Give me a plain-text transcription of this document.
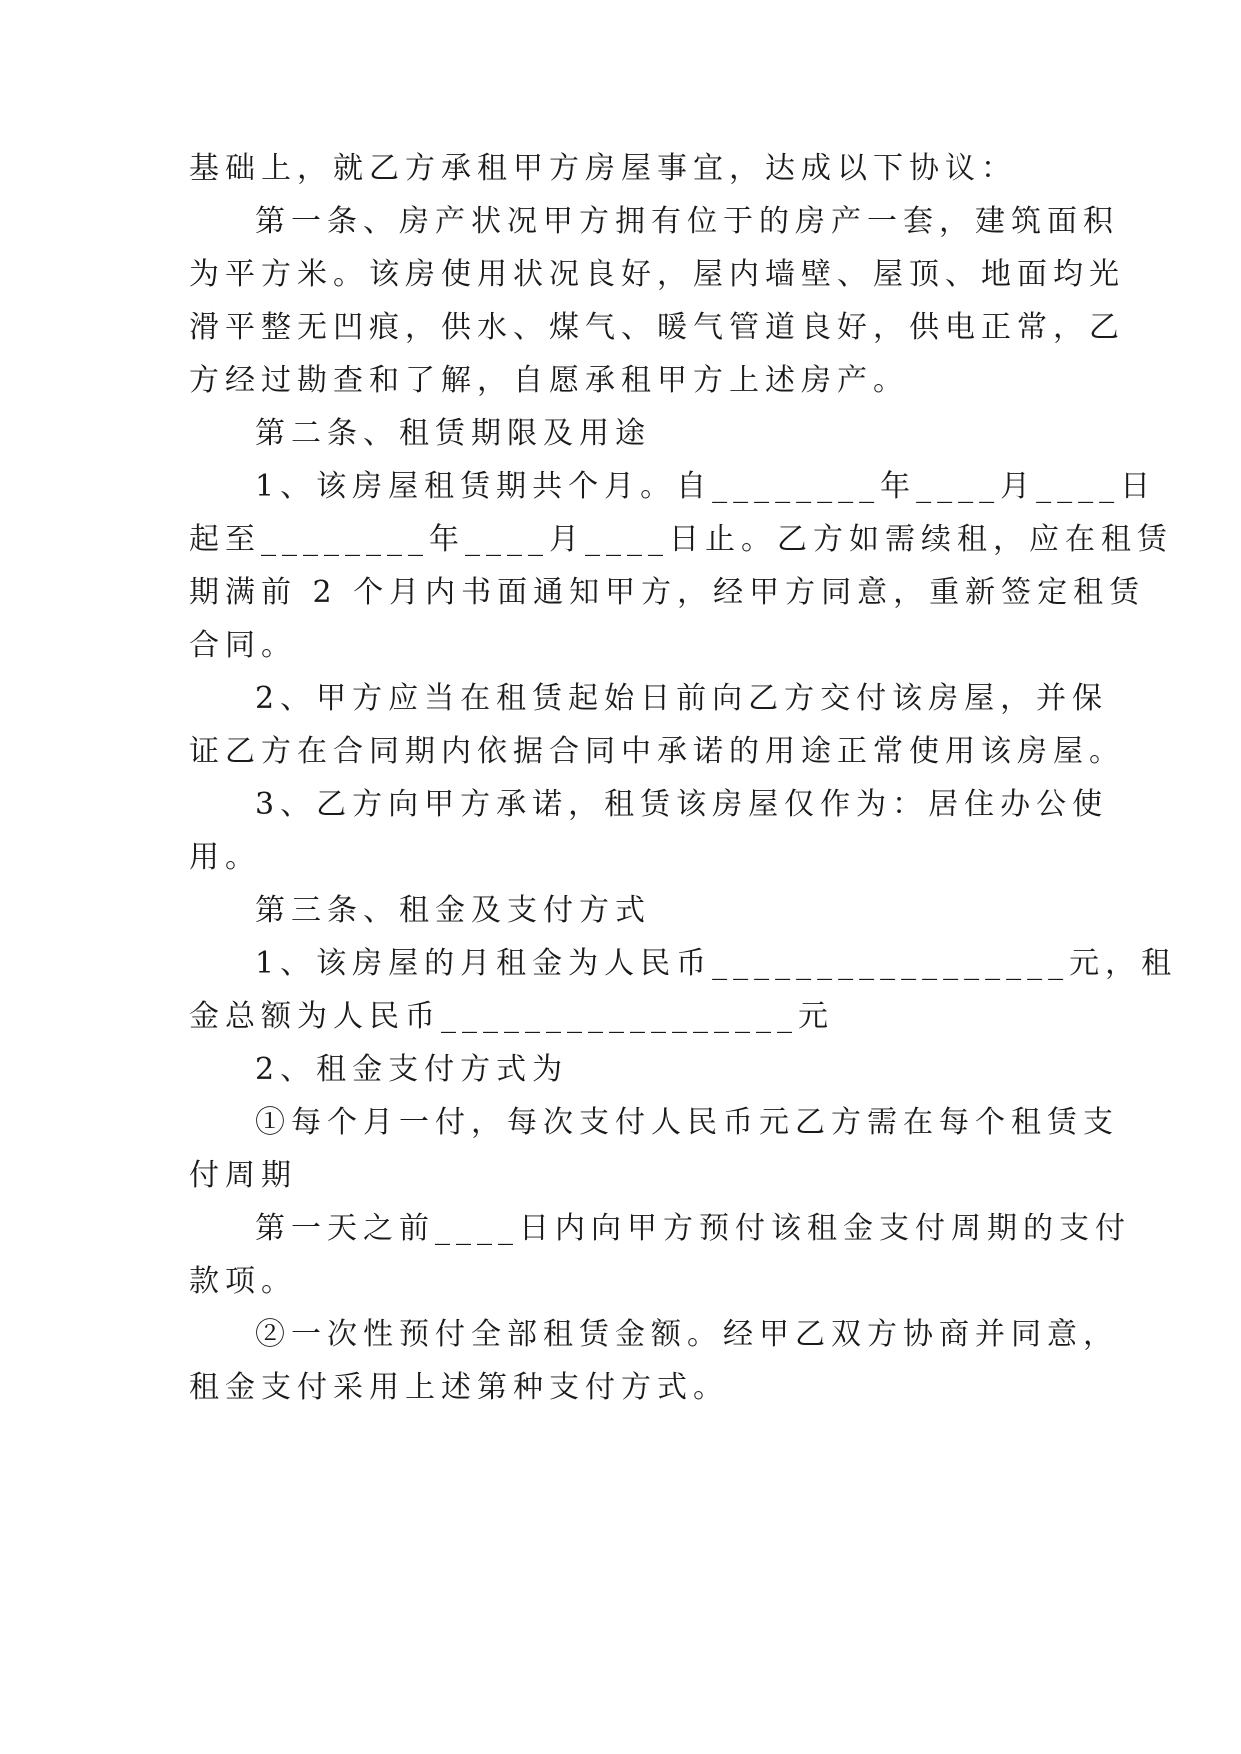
基础上，就乙方承租甲方房屋事宜，达成以下协议：

第一条、房产状况甲方拥有位于的房产一套，建筑面积

为平方米。该房使用状况良好，屋内墙壁、屋顶、地面均光

滑平整无凹痕，供水、煤气、暖气管道良好，供电正常，乙

方经过勘查和了解，自愿承租甲方上述房产。

第二条、租赁期限及用途

1、该房屋租赁期共个月。自________年____月____日

起至________年____月____日止。乙方如需续租，应在租赁

期满前 2 个月内书面通知甲方，经甲方同意，重新签定租赁

合同。

2、甲方应当在租赁起始日前向乙方交付该房屋，并保

证乙方在合同期内依据合同中承诺的用途正常使用该房屋。

3、乙方向甲方承诺，租赁该房屋仅作为：居住办公使

用。

第三条、租金及支付方式

1、该房屋的月租金为人民币_________________元，租

金总额为人民币_________________元

2、租金支付方式为

①每个月一付，每次支付人民币元乙方需在每个租赁支

付周期

第一天之前____日内向甲方预付该租金支付周期的支付

款项。

②一次性预付全部租赁金额。经甲乙双方协商并同意，

租金支付采用上述第种支付方式。
